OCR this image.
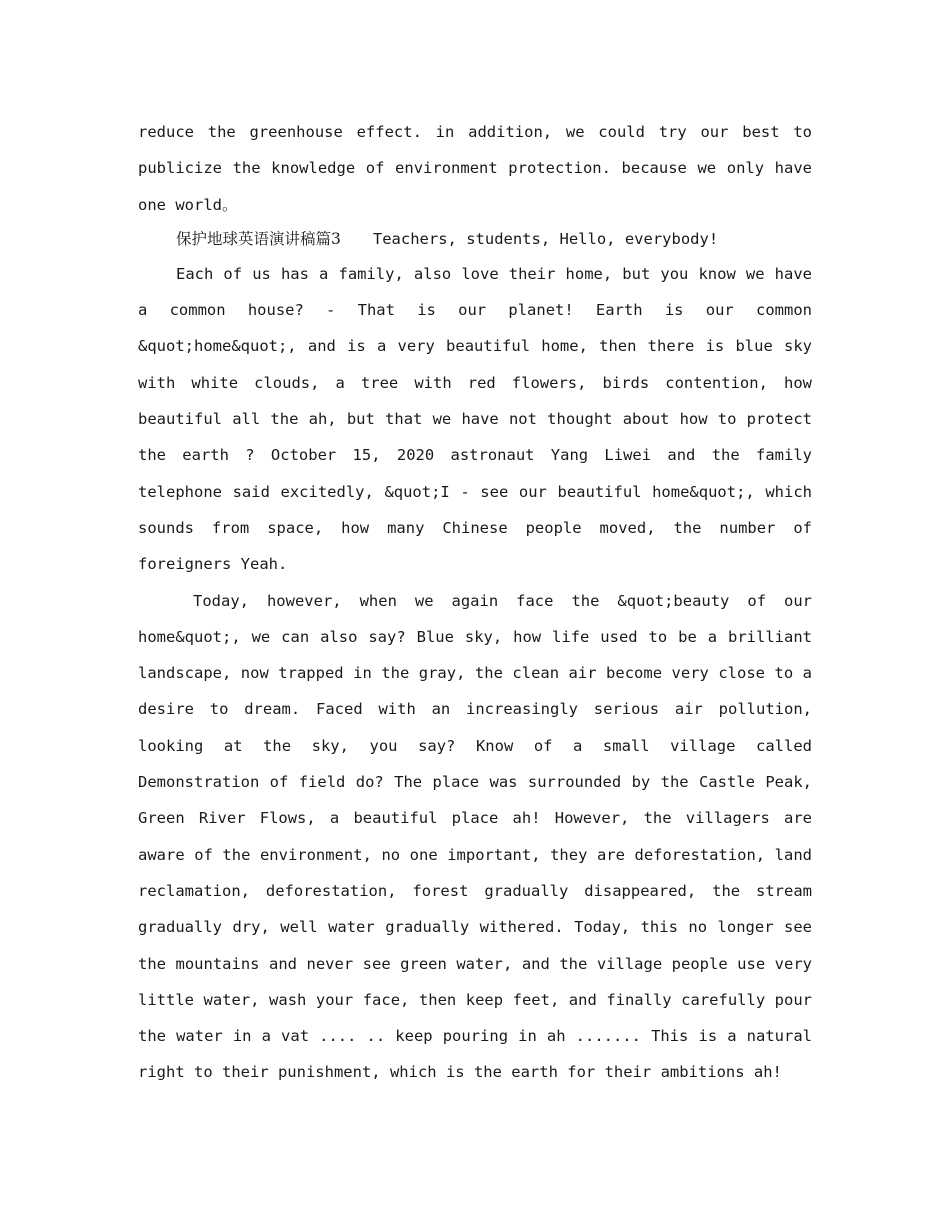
reduce the greenhouse effect. in addition, we could try our best to
publicize the knowledge of environment protection. because we only have
one world。
保护地球英语演讲稿篇3 Teachers, students, Hello, everybody!
Each of us has a family, also love their home, but you know we have
a common house? - That is our planet! Earth is our common
&quot;home&quot;, and is a very beautiful home, then there is blue sky
with white clouds, a tree with red flowers, birds contention, how
beautiful all the ah, but that we have not thought about how to protect
the earth ? October 15, 2020 astronaut Yang Liwei and the family
telephone said excitedly, &quot;I - see our beautiful home&quot;, which
sounds from space, how many Chinese people moved, the number of
foreigners Yeah.
Today, however, when we again face the &quot;beauty of our
home&quot;, we can also say? Blue sky, how life used to be a brilliant
landscape, now trapped in the gray, the clean air become very close to a
desire to dream. Faced with an increasingly serious air pollution,
looking at the sky, you say? Know of a small village called
Demonstration of field do? The place was surrounded by the Castle Peak,
Green River Flows, a beautiful place ah! However, the villagers are
aware of the environment, no one important, they are deforestation, land
reclamation, deforestation, forest gradually disappeared, the stream
gradually dry, well water gradually withered. Today, this no longer see
the mountains and never see green water, and the village people use very
little water, wash your face, then keep feet, and finally carefully pour
the water in a vat .... .. keep pouring in ah ....... This is a natural
right to their punishment, which is the earth for their ambitions ah!
